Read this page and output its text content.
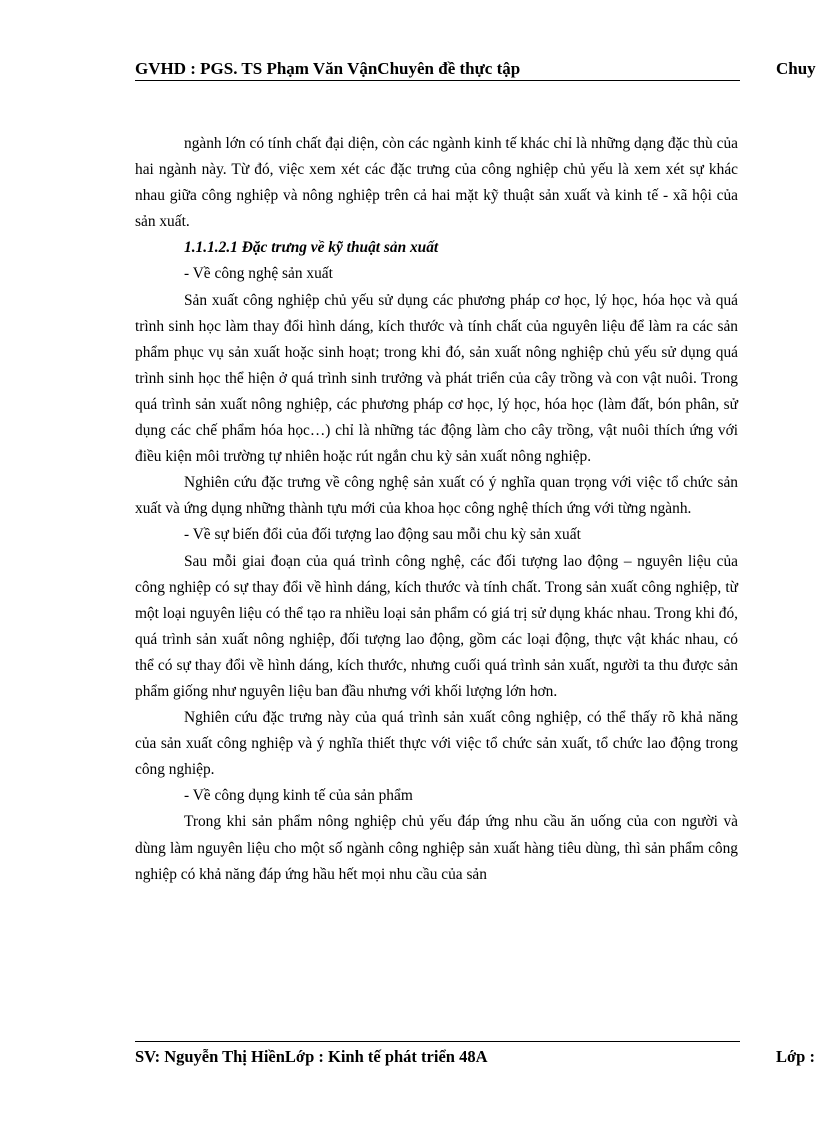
GVHD : PGS. TS Phạm Văn VậnChuyên đề thực tập	Chuy

ngành lớn có tính chất đại diện, còn các ngành kinh tế khác chỉ là những dạng đặc thù của hai ngành này. Từ đó, việc xem xét các đặc trưng của công nghiệp chủ yếu là xem xét sự khác nhau giữa công nghiệp và nông nghiệp trên cả hai mặt kỹ thuật sản xuất và kinh tế - xã hội của sản xuất.

1.1.1.2.1 Đặc trưng về kỹ thuật sản xuất

- Về công nghệ sản xuất

Sản xuất công nghiệp chủ yếu sử dụng các phương pháp cơ học, lý học, hóa học và quá trình sinh học làm thay đổi hình dáng, kích thước và tính chất của nguyên liệu để làm ra các sản phẩm phục vụ sản xuất hoặc sinh hoạt; trong khi đó, sản xuất nông nghiệp chủ yếu sử dụng quá trình sinh học thể hiện ở quá trình sinh trưởng và phát triển của cây trồng và con vật nuôi. Trong quá trình sản xuất nông nghiệp, các phương pháp cơ học, lý học, hóa học (làm đất, bón phân, sử dụng các chế phẩm hóa học…) chỉ là những tác động làm cho cây trồng, vật nuôi thích ứng với điều kiện môi trường tự nhiên hoặc rút ngắn chu kỳ sản xuất nông nghiệp.

Nghiên cứu đặc trưng về công nghệ sản xuất có ý nghĩa quan trọng với việc tổ chức sản xuất và ứng dụng những thành tựu mới của khoa học công nghệ thích ứng với từng ngành.

- Về sự biến đổi của đối tượng lao động sau mỗi chu kỳ sản xuất

Sau mỗi giai đoạn của quá trình công nghệ, các đối tượng lao động – nguyên liệu của công nghiệp có sự thay đổi về hình dáng, kích thước và tính chất. Trong sản xuất công nghiệp, từ một loại nguyên liệu có thể tạo ra nhiều loại sản phẩm có giá trị sử dụng khác nhau. Trong khi đó, quá trình sản xuất nông nghiệp, đối tượng lao động, gồm các loại động, thực vật khác nhau, có thể có sự thay đổi về hình dáng, kích thước, nhưng cuối quá trình sản xuất, người ta thu được sản phẩm giống như nguyên liệu ban đầu nhưng với khối lượng lớn hơn.

Nghiên cứu đặc trưng này của quá trình sản xuất công nghiệp, có thể thấy rõ khả năng của sản xuất công nghiệp và ý nghĩa thiết thực với việc tổ chức sản xuất, tổ chức lao động trong công nghiệp.

- Về công dụng kinh tế của sản phẩm

Trong khi sản phẩm nông nghiệp chủ yếu đáp ứng nhu cầu ăn uống của con người và dùng làm nguyên liệu cho một số ngành công nghiệp sản xuất hàng tiêu dùng, thì sản phẩm công nghiệp có khả năng đáp ứng hầu hết mọi nhu cầu của sản

SV: Nguyễn Thị HiềnLớp : Kinh tế phát triển 48A	Lớp :
